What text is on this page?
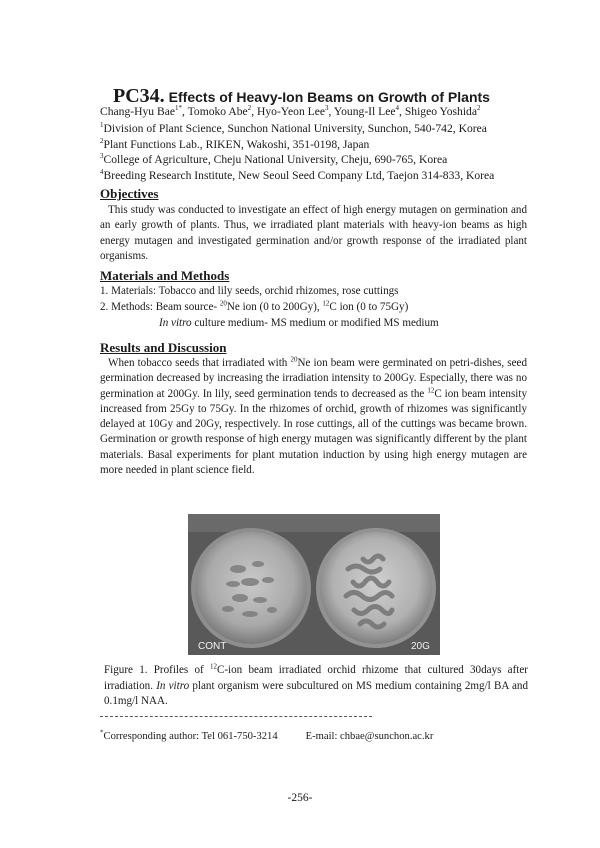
PC34. Effects of Heavy-Ion Beams on Growth of Plants
Chang-Hyu Bae$^{1*}$, Tomoko Abe$^2$, Hyo-Yeon Lee$^3$, Young-Il Lee$^4$, Shigeo Yoshida$^2$
$^1$Division of Plant Science, Sunchon National University, Sunchon, 540-742, Korea
$^2$Plant Functions Lab., RIKEN, Wakoshi, 351-0198, Japan
$^3$College of Agriculture, Cheju National University, Cheju, 690-765, Korea
$^4$Breeding Research Institute, New Seoul Seed Company Ltd, Taejon 314-833, Korea
Objectives

This study was conducted to investigate an effect of high energy mutagen on germination and an early growth of plants. Thus, we irradiated plant materials with heavy-ion beams as high energy mutagen and investigated germination and/or growth response of the irradiated plant organisms.

Materials and Methods
1. Materials: Tobacco and lily seeds, orchid rhizomes, rose cuttings
2. Methods: Beam source- $^{20}$Ne ion (0 to 200Gy), $^{12}$C ion (0 to 75Gy)
In vitro culture medium- MS medium or modified MS medium
Results and Discussion

When tobacco seeds that irradiated with $^{20}$Ne ion beam were germinated on petri-dishes, seed germination decreased by increasing the irradiation intensity to 200Gy. Especially, there was no germination at 200Gy. In lily, seed germination tends to decreased as the $^{12}$C ion beam intensity increased from 25Gy to 75Gy. In the rhizomes of orchid, growth of rhizomes was significantly delayed at 10Gy and 20Gy, respectively. In rose cuttings, all of the cuttings was became brown. Germination or growth response of high energy mutagen was significantly different by the plant materials. Basal experiments for plant mutation induction by using high energy mutagen are more needed in plant science field.

CONT	20G
Figure 1. Profiles of $^{12}$C-ion beam irradiated orchid rhizome that cultured 30days after irradiation. In vitro plant organism were subcultured on MS medium containing 2mg/l BA and 0.1mg/l NAA.
*Corresponding author: Tel 061-750-3214	E-mail: chbae@sunchon.ac.kr
-256-
